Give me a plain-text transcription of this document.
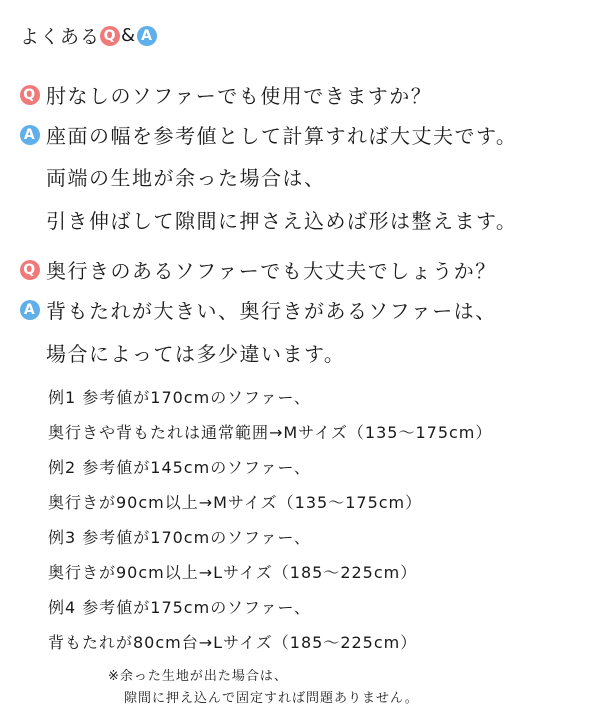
よくある Q & A
Q 肘なしのソファーでも使用できますか？
A 座面の幅を参考値として計算すれば大丈夫です。
両端の生地が余った場合は、
引き伸ばして隙間に押さえ込めば形は整えます。
Q 奥行きのあるソファーでも大丈夫でしょうか？
A 背もたれが大きい、奥行きがあるソファーは、
場合によっては多少違います。
例1 参考値が170cmのソファー、
奥行きや背もたれは通常範囲→Mサイズ（135～175cm）
例2 参考値が145cmのソファー、
奥行きが90cm以上→Mサイズ（135～175cm）
例3 参考値が170cmのソファー、
奥行きが90cm以上→Lサイズ（185～225cm）
例4 参考値が175cmのソファー、
背もたれが80cm台→Lサイズ（185～225cm）
※余った生地が出た場合は、
隙間に押え込んで固定すれば問題ありません。
